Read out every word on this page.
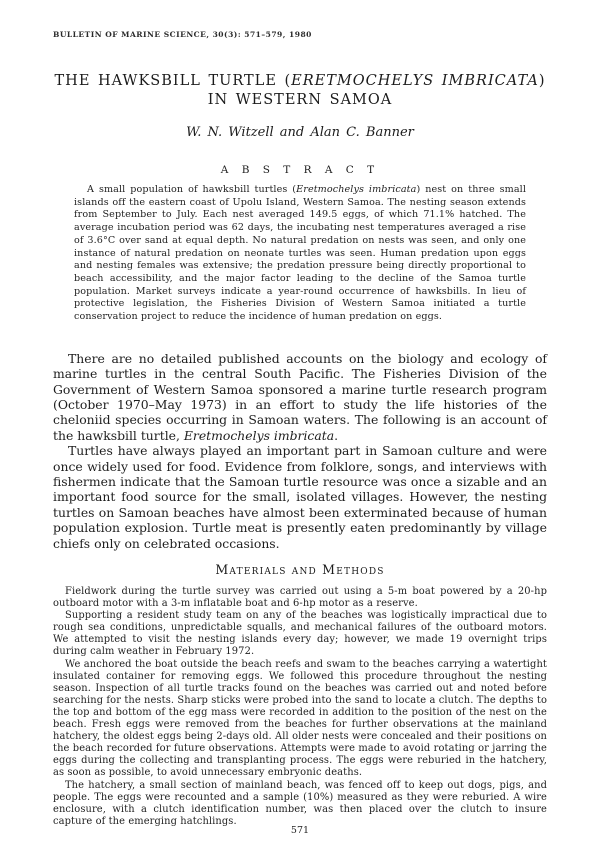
BULLETIN OF MARINE SCIENCE, 30(3): 571–579, 1980
THE HAWKSBILL TURTLE (ERETMOCHELYS IMBRICATA)
IN WESTERN SAMOA
W. N. Witzell and Alan C. Banner
A B S T R A C T

A small population of hawksbill turtles (Eretmochelys imbricata) nest on three small islands off the eastern coast of Upolu Island, Western Samoa. The nesting season extends from September to July. Each nest averaged 149.5 eggs, of which 71.1% hatched. The average incubation period was 62 days, the incubating nest temperatures averaged a rise of 3.6°C over sand at equal depth. No natural predation on nests was seen, and only one instance of natural predation on neonate turtles was seen. Human predation upon eggs and nesting females was extensive; the predation pressure being directly proportional to beach accessibility, and the major factor leading to the decline of the Samoa turtle population. Market surveys indicate a year-round occurrence of hawksbills. In lieu of protective legislation, the Fisheries Division of Western Samoa initiated a turtle conservation project to reduce the incidence of human predation on eggs.

There are no detailed published accounts on the biology and ecology of marine turtles in the central South Pacific. The Fisheries Division of the Government of Western Samoa sponsored a marine turtle research program (October 1970–May 1973) in an effort to study the life histories of the cheloniid species occurring in Samoan waters. The following is an account of the hawksbill turtle, Eretmochelys imbricata.

Turtles have always played an important part in Samoan culture and were once widely used for food. Evidence from folklore, songs, and interviews with fishermen indicate that the Samoan turtle resource was once a sizable and an important food source for the small, isolated villages. However, the nesting turtles on Samoan beaches have almost been exterminated because of human population explosion. Turtle meat is presently eaten predominantly by village chiefs only on celebrated occasions.

Materials and Methods

Fieldwork during the turtle survey was carried out using a 5-m boat powered by a 20-hp outboard motor with a 3-m inflatable boat and 6-hp motor as a reserve.

Supporting a resident study team on any of the beaches was logistically impractical due to rough sea conditions, unpredictable squalls, and mechanical failures of the outboard motors. We attempted to visit the nesting islands every day; however, we made 19 overnight trips during calm weather in February 1972.

We anchored the boat outside the beach reefs and swam to the beaches carrying a watertight insulated container for removing eggs. We followed this procedure throughout the nesting season. Inspection of all turtle tracks found on the beaches was carried out and noted before searching for the nests. Sharp sticks were probed into the sand to locate a clutch. The depths to the top and bottom of the egg mass were recorded in addition to the position of the nest on the beach. Fresh eggs were removed from the beaches for further observations at the mainland hatchery, the oldest eggs being 2-days old. All older nests were concealed and their positions on the beach recorded for future observations. Attempts were made to avoid rotating or jarring the eggs during the collecting and transplanting process. The eggs were reburied in the hatchery, as soon as possible, to avoid unnecessary embryonic deaths.

The hatchery, a small section of mainland beach, was fenced off to keep out dogs, pigs, and people. The eggs were recounted and a sample (10%) measured as they were reburied. A wire enclosure, with a clutch identification number, was then placed over the clutch to insure capture of the emerging hatchlings.

571
